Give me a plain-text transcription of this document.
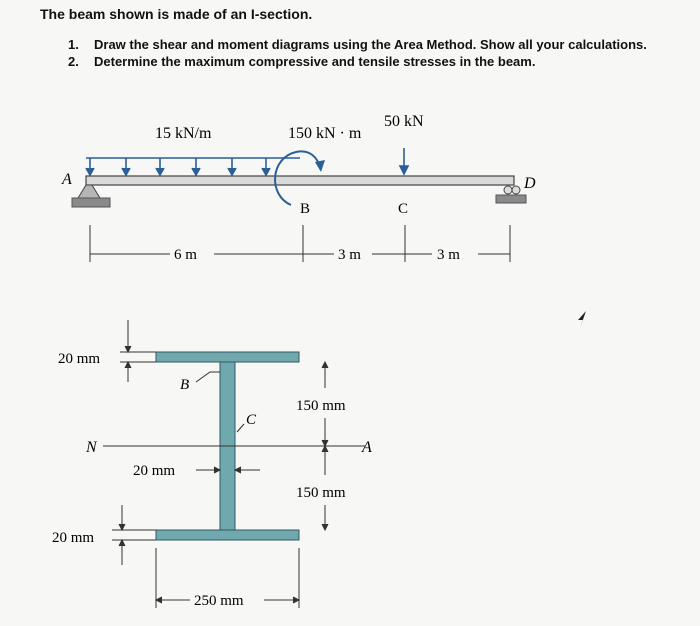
The beam shown is made of an I-section.
1.	Draw the shear and moment diagrams using the Area Method. Show all your calculations.
2.	Determine the maximum compressive and tensile stresses in the beam.
15 kN/m	150 kN · m
50 kN
A	D
B	C
6 m	3 m	3 m
20 mm
20 mm
20 mm
150 mm
150 mm
250 mm
N	A
B
C
